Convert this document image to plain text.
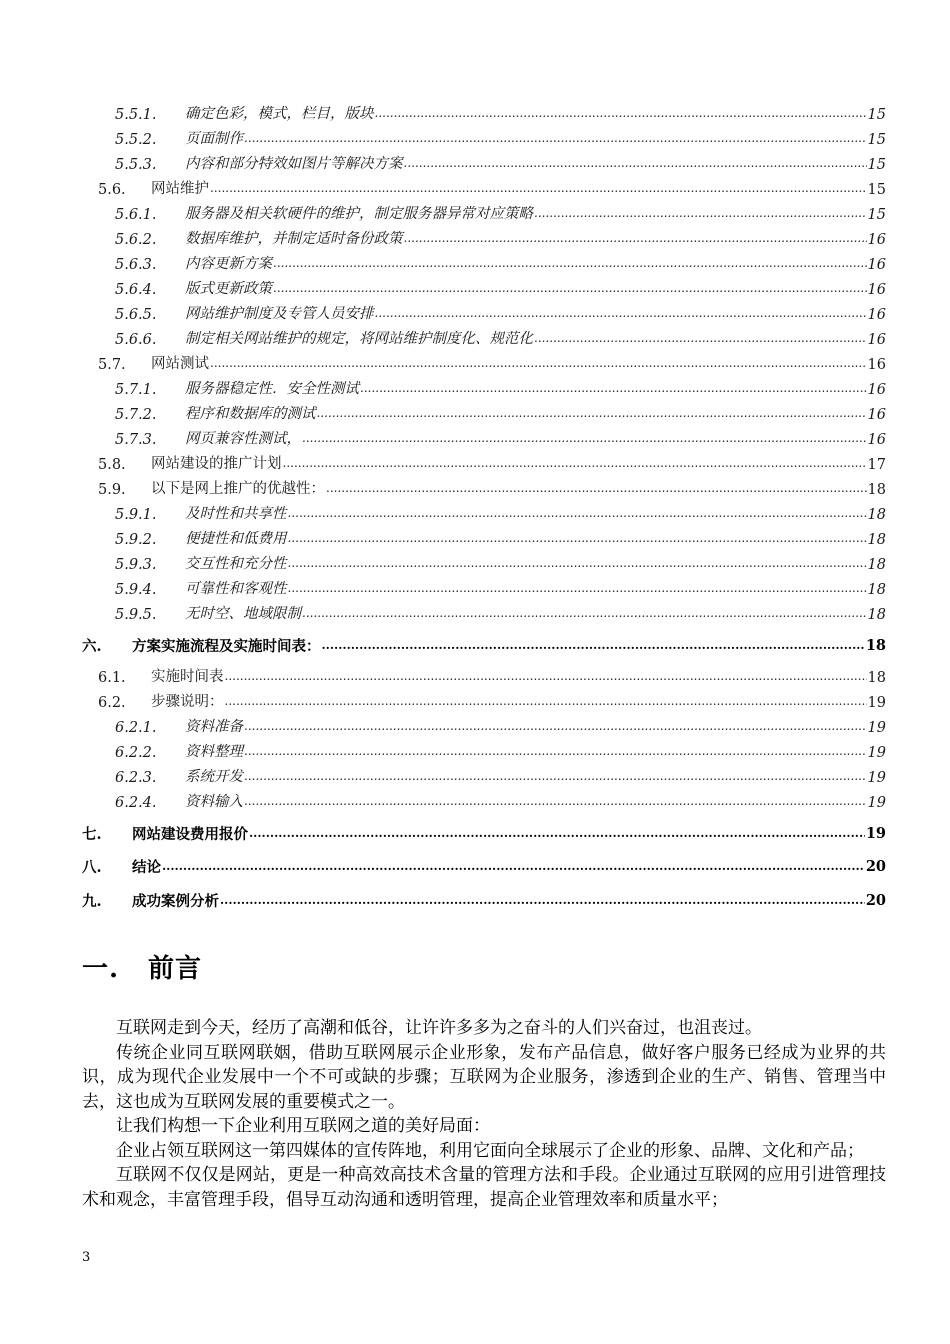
5.5.1.	确定色彩，模式，栏目，版块 .....	15
5.5.2.	页面制作 .....	15
5.5.3.	内容和部分特效如图片等解决方案 .....	15
5.6.	网站维护 .....	15
5.6.1.	服务器及相关软硬件的维护，制定服务器异常对应策略 .....	15
5.6.2.	数据库维护，并制定适时备份政策 .....	16
5.6.3.	内容更新方案 .....	16
5.6.4.	版式更新政策 .....	16
5.6.5.	网站维护制度及专管人员安排 .....	16
5.6.6.	制定相关网站维护的规定，将网站维护制度化、规范化 .....	16
5.7.	网站测试 .....	16
5.7.1.	服务器稳定性．安全性测试 .....	16
5.7.2.	程序和数据库的测试 .....	16
5.7.3.	网页兼容性测试， .....	16
5.8.	网站建设的推广计划 .....	17
5.9.	以下是网上推广的优越性： .....	18
5.9.1.	及时性和共享性 .....	18
5.9.2.	便捷性和低费用 .....	18
5.9.3.	交互性和充分性 .....	18
5.9.4.	可靠性和客观性 .....	18
5.9.5.	无时空、地域限制 .....	18
六.	方案实施流程及实施时间表： .....	18
6.1.	实施时间表 .....	18
6.2.	步骤说明： .....	19
6.2.1.	资料准备 .....	19
6.2.2.	资料整理 .....	19
6.2.3.	系统开发 .....	19
6.2.4.	资料输入 .....	19
七.	网站建设费用报价 .....	19
八.	结论 .....	20
九.	成功案例分析 .....	20
一. 前言

互联网走到今天，经历了高潮和低谷，让许许多多为之奋斗的人们兴奋过，也沮丧过。

传统企业同互联网联姻，借助互联网展示企业形象，发布产品信息，做好客户服务已经成为业界的共识，成为现代企业发展中一个不可或缺的步骤；互联网为企业服务，渗透到企业的生产、销售、管理当中去，这也成为互联网发展的重要模式之一。

让我们构想一下企业利用互联网之道的美好局面：

企业占领互联网这一第四媒体的宣传阵地，利用它面向全球展示了企业的形象、品牌、文化和产品；

互联网不仅仅是网站，更是一种高效高技术含量的管理方法和手段。企业通过互联网的应用引进管理技术和观念，丰富管理手段，倡导互动沟通和透明管理，提高企业管理效率和质量水平；

3
